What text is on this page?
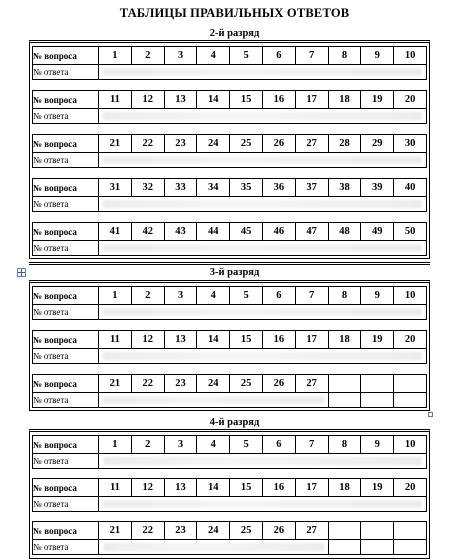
ТАБЛИЦЫ ПРАВИЛЬНЫХ ОТВЕТОВ
2-й разряд
№ вопроса	1	2	3	4	5	6	7	8	9	10
№ ответа										
№ вопроса	11	12	13	14	15	16	17	18	19	20
№ ответа										
№ вопроса	21	22	23	24	25	26	27	28	29	30
№ ответа										
№ вопроса	31	32	33	34	35	36	37	38	39	40
№ ответа										
№ вопроса	41	42	43	44	45	46	47	48	49	50
№ ответа										
3-й разряд
№ вопроса	1	2	3	4	5	6	7	8	9	10
№ ответа										
№ вопроса	11	12	13	14	15	16	17	18	19	20
№ ответа										
№ вопроса	21	22	23	24	25	26	27			
№ ответа							

4-й разряд
№ вопроса	1	2	3	4	5	6	7	8	9	10
№ ответа										
№ вопроса	11	12	13	14	15	16	17	18	19	20
№ ответа										
№ вопроса	21	22	23	24	25	26	27			
№ ответа							
